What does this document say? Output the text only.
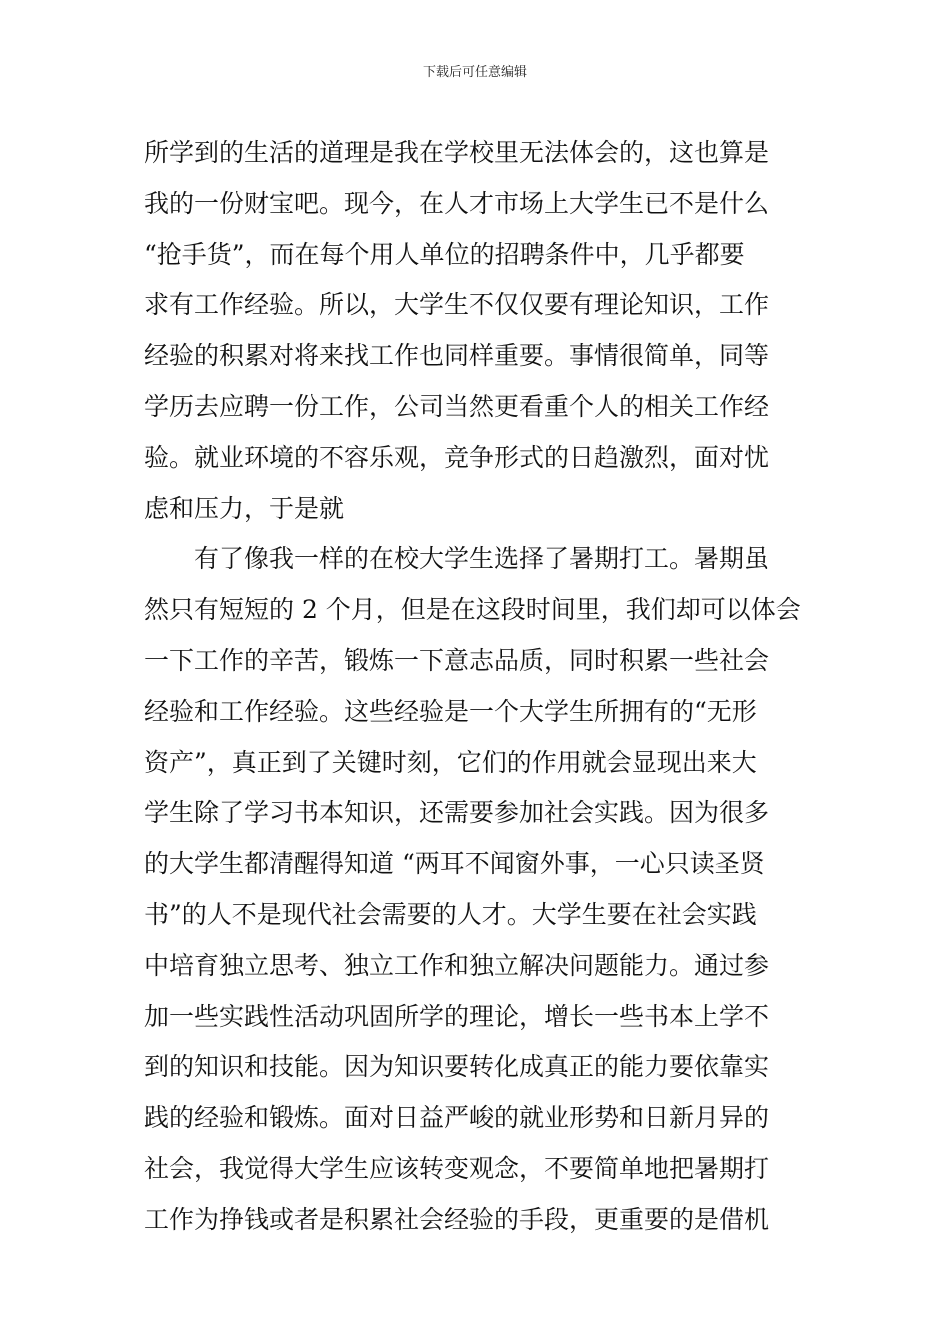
下载后可任意编辑
所学到的生活的道理是我在学校里无法体会的，这也算是
我的一份财宝吧。现今，在人才市场上大学生已不是什么
“抢手货”，而在每个用人单位的招聘条件中，几乎都要
求有工作经验。所以，大学生不仅仅要有理论知识，工作
经验的积累对将来找工作也同样重要。事情很简单，同等
学历去应聘一份工作，公司当然更看重个人的相关工作经
验。就业环境的不容乐观，竞争形式的日趋激烈，面对忧
虑和压力，于是就
有了像我一样的在校大学生选择了暑期打工。暑期虽
然只有短短的 2 个月，但是在这段时间里，我们却可以体会
一下工作的辛苦，锻炼一下意志品质，同时积累一些社会
经验和工作经验。这些经验是一个大学生所拥有的“无形
资产”，真正到了关键时刻，它们的作用就会显现出来大
学生除了学习书本知识，还需要参加社会实践。因为很多
的大学生都清醒得知道 “两耳不闻窗外事，一心只读圣贤
书”的人不是现代社会需要的人才。大学生要在社会实践
中培育独立思考、独立工作和独立解决问题能力。通过参
加一些实践性活动巩固所学的理论，增长一些书本上学不
到的知识和技能。因为知识要转化成真正的能力要依靠实
践的经验和锻炼。面对日益严峻的就业形势和日新月异的
社会，我觉得大学生应该转变观念，不要简单地把暑期打
工作为挣钱或者是积累社会经验的手段，更重要的是借机
